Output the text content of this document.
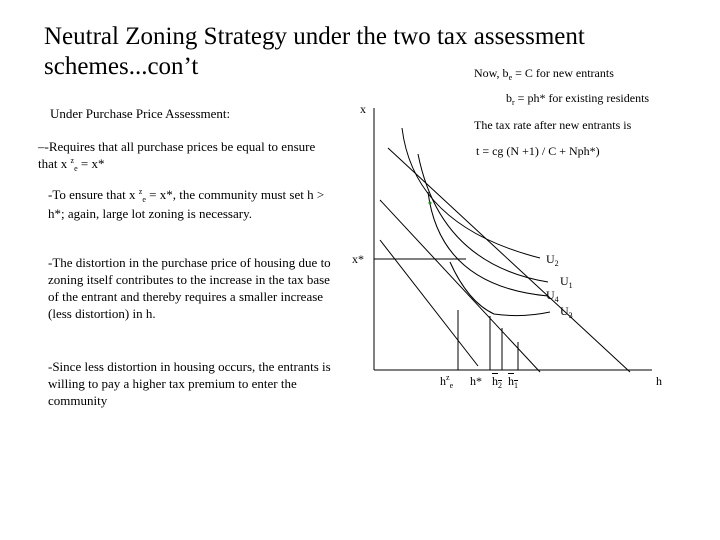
Neutral Zoning Strategy under the two tax assessment
schemes...con’t	Now, $b_e = C$ for new entrants
$b_r = ph*$ for existing residents
The tax rate after new entrants is
t = cg (N +1) / C + Nph*)
Under Purchase Price Assessment:
–-Requires that all purchase prices be equal to ensure that x $^z_e$ = x*
-To ensure that x $^z_e$ = x*, the community must set h > h*; again, large lot zoning is necessary.
-The distortion in the purchase price of housing due to zoning itself contributes to the increase in the tax base of the entrant and thereby requires a smaller increase (less distortion) in h.
-Since less distortion in housing occurs, the entrants is willing to pay a higher tax premium to enter the community
x
h
x*
$h^z_e$ h* $h_2$ $h_1$
$U_2$
$U_1$
$U_4$
$U_3$
